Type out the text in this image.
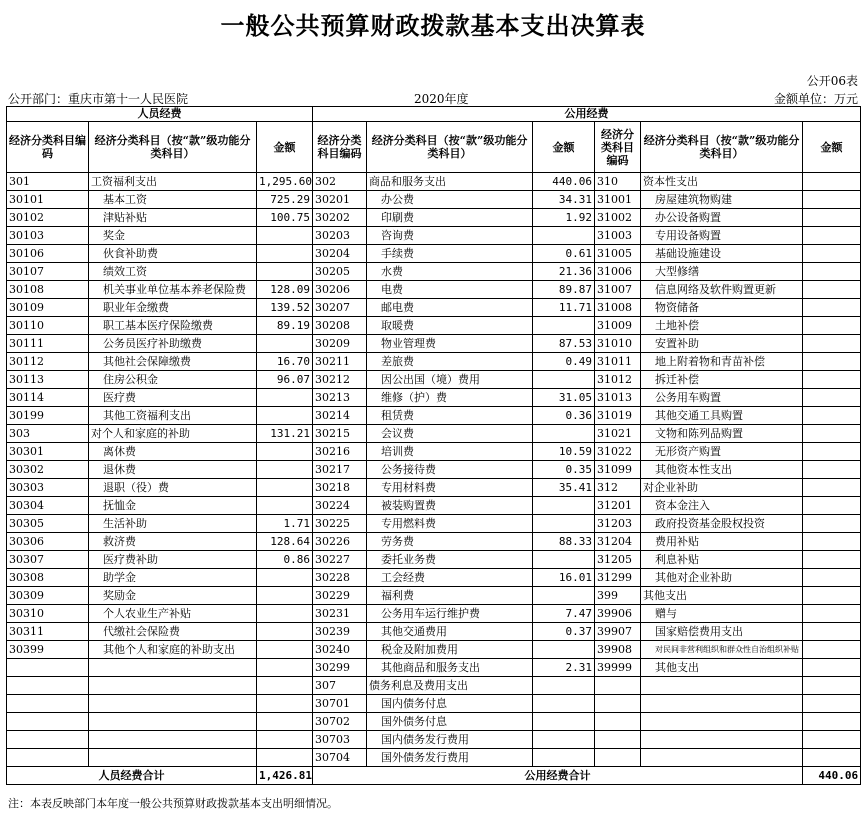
一般公共预算财政拨款基本支出决算表
公开06表
公开部门：重庆市第十一人民医院	2020年度	金额单位：万元
人员经费			公用经费					
经济分类科目编码	经济分类科目（按“款”级功能分类科目）	金额	经济分类科目编码	经济分类科目（按“款”级功能分类科目）	金额	经济分类科目编码	经济分类科目（按“款”级功能分类科目）	金额
301	工资福利支出	1,295.60	302	商品和服务支出	440.06	310	资本性支出	
30101	基本工资	725.29	30201	办公费	34.31	31001	房屋建筑物购建	
30102	津贴补贴	100.75	30202	印刷费	1.92	31002	办公设备购置	
30103	奖金		30203	咨询费		31003	专用设备购置	
30106	伙食补助费		30204	手续费	0.61	31005	基础设施建设	
30107	绩效工资		30205	水费	21.36	31006	大型修缮	
30108	机关事业单位基本养老保险费	128.09	30206	电费	89.87	31007	信息网络及软件购置更新	
30109	职业年金缴费	139.52	30207	邮电费	11.71	31008	物资储备	
30110	职工基本医疗保险缴费	89.19	30208	取暖费		31009	土地补偿	
30111	公务员医疗补助缴费		30209	物业管理费	87.53	31010	安置补助	
30112	其他社会保障缴费	16.70	30211	差旅费	0.49	31011	地上附着物和青苗补偿	
30113	住房公积金	96.07	30212	因公出国（境）费用		31012	拆迁补偿	
30114	医疗费		30213	维修（护）费	31.05	31013	公务用车购置	
30199	其他工资福利支出		30214	租赁费	0.36	31019	其他交通工具购置	
303	对个人和家庭的补助	131.21	30215	会议费		31021	文物和陈列品购置	
30301	离休费		30216	培训费	10.59	31022	无形资产购置	
30302	退休费		30217	公务接待费	0.35	31099	其他资本性支出	
30303	退职（役）费		30218	专用材料费	35.41	312	对企业补助	
30304	抚恤金		30224	被装购置费		31201	资本金注入	
30305	生活补助	1.71	30225	专用燃料费		31203	政府投资基金股权投资	
30306	救济费	128.64	30226	劳务费	88.33	31204	费用补贴	
30307	医疗费补助	0.86	30227	委托业务费		31205	利息补贴	
30308	助学金		30228	工会经费	16.01	31299	其他对企业补助	
30309	奖励金		30229	福利费		399	其他支出	
30310	个人农业生产补贴		30231	公务用车运行维护费	7.47	39906	赠与	
30311	代缴社会保险费		30239	其他交通费用	0.37	39907	国家赔偿费用支出	
30399	其他个人和家庭的补助支出		30240	税金及附加费用		39908	对民间非营利组织和群众性自治组织补贴	
			30299	其他商品和服务支出	2.31	39999	其他支出	
			307	债务利息及费用支出				
			30701	国内债务付息				
			30702	国外债务付息				
			30703	国内债务发行费用				
			30704	国外债务发行费用				
人员经费合计		1,426.81	公用经费合计					440.06
注：本表反映部门本年度一般公共预算财政拨款基本支出明细情况。
